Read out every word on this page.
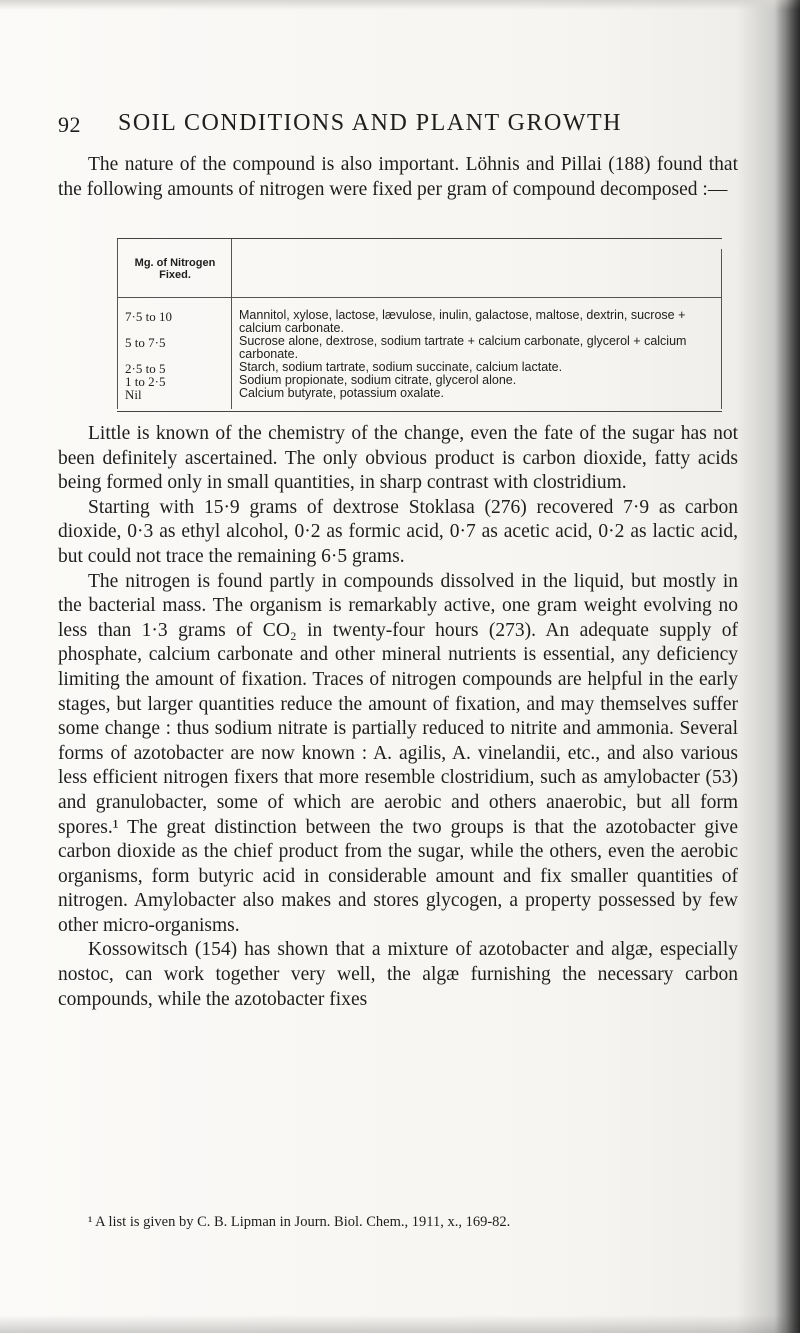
92 SOIL CONDITIONS AND PLANT GROWTH
The nature of the compound is also important. Löhnis and Pillai (188) found that the following amounts of nitrogen were fixed per gram of compound decomposed :—
Mg. of Nitrogen Fixed.
7·5 to 10
5 to 7·5
2·5 to 5
1 to 2·5
Nil
Mannitol, xylose, lactose, lævulose, inulin, galactose, maltose, dextrin, sucrose + calcium carbonate.
Sucrose alone, dextrose, sodium tartrate + calcium carbonate, glycerol + calcium carbonate.
Starch, sodium tartrate, sodium succinate, calcium lactate.
Sodium propionate, sodium citrate, glycerol alone.
Calcium butyrate, potassium oxalate.

Little is known of the chemistry of the change, even the fate of the sugar has not been definitely ascertained. The only obvious product is carbon dioxide, fatty acids being formed only in small quantities, in sharp contrast with clostridium.

Starting with 15·9 grams of dextrose Stoklasa (276) recovered 7·9 as carbon dioxide, 0·3 as ethyl alcohol, 0·2 as formic acid, 0·7 as acetic acid, 0·2 as lactic acid, but could not trace the remaining 6·5 grams.

The nitrogen is found partly in compounds dissolved in the liquid, but mostly in the bacterial mass. The organism is remarkably active, one gram weight evolving no less than 1·3 grams of CO₂ in twenty-four hours (273). An adequate supply of phosphate, calcium carbonate and other mineral nutrients is essential, any deficiency limiting the amount of fixation. Traces of nitrogen compounds are helpful in the early stages, but larger quantities reduce the amount of fixation, and may themselves suffer some change : thus sodium nitrate is partially reduced to nitrite and ammonia. Several forms of azotobacter are now known : A. agilis, A. vinelandii, etc., and also various less efficient nitrogen fixers that more resemble clostridium, such as amylobacter (53) and granulobacter, some of which are aerobic and others anaerobic, but all form spores.¹ The great distinction between the two groups is that the azotobacter give carbon dioxide as the chief product from the sugar, while the others, even the aerobic organisms, form butyric acid in considerable amount and fix smaller quantities of nitrogen. Amylobacter also makes and stores glycogen, a property possessed by few other micro-organisms.

Kossowitsch (154) has shown that a mixture of azotobacter and algæ, especially nostoc, can work together very well, the algæ furnishing the necessary carbon compounds, while the azotobacter fixes

¹ A list is given by C. B. Lipman in Journ. Biol. Chem., 1911, x., 169-82.
